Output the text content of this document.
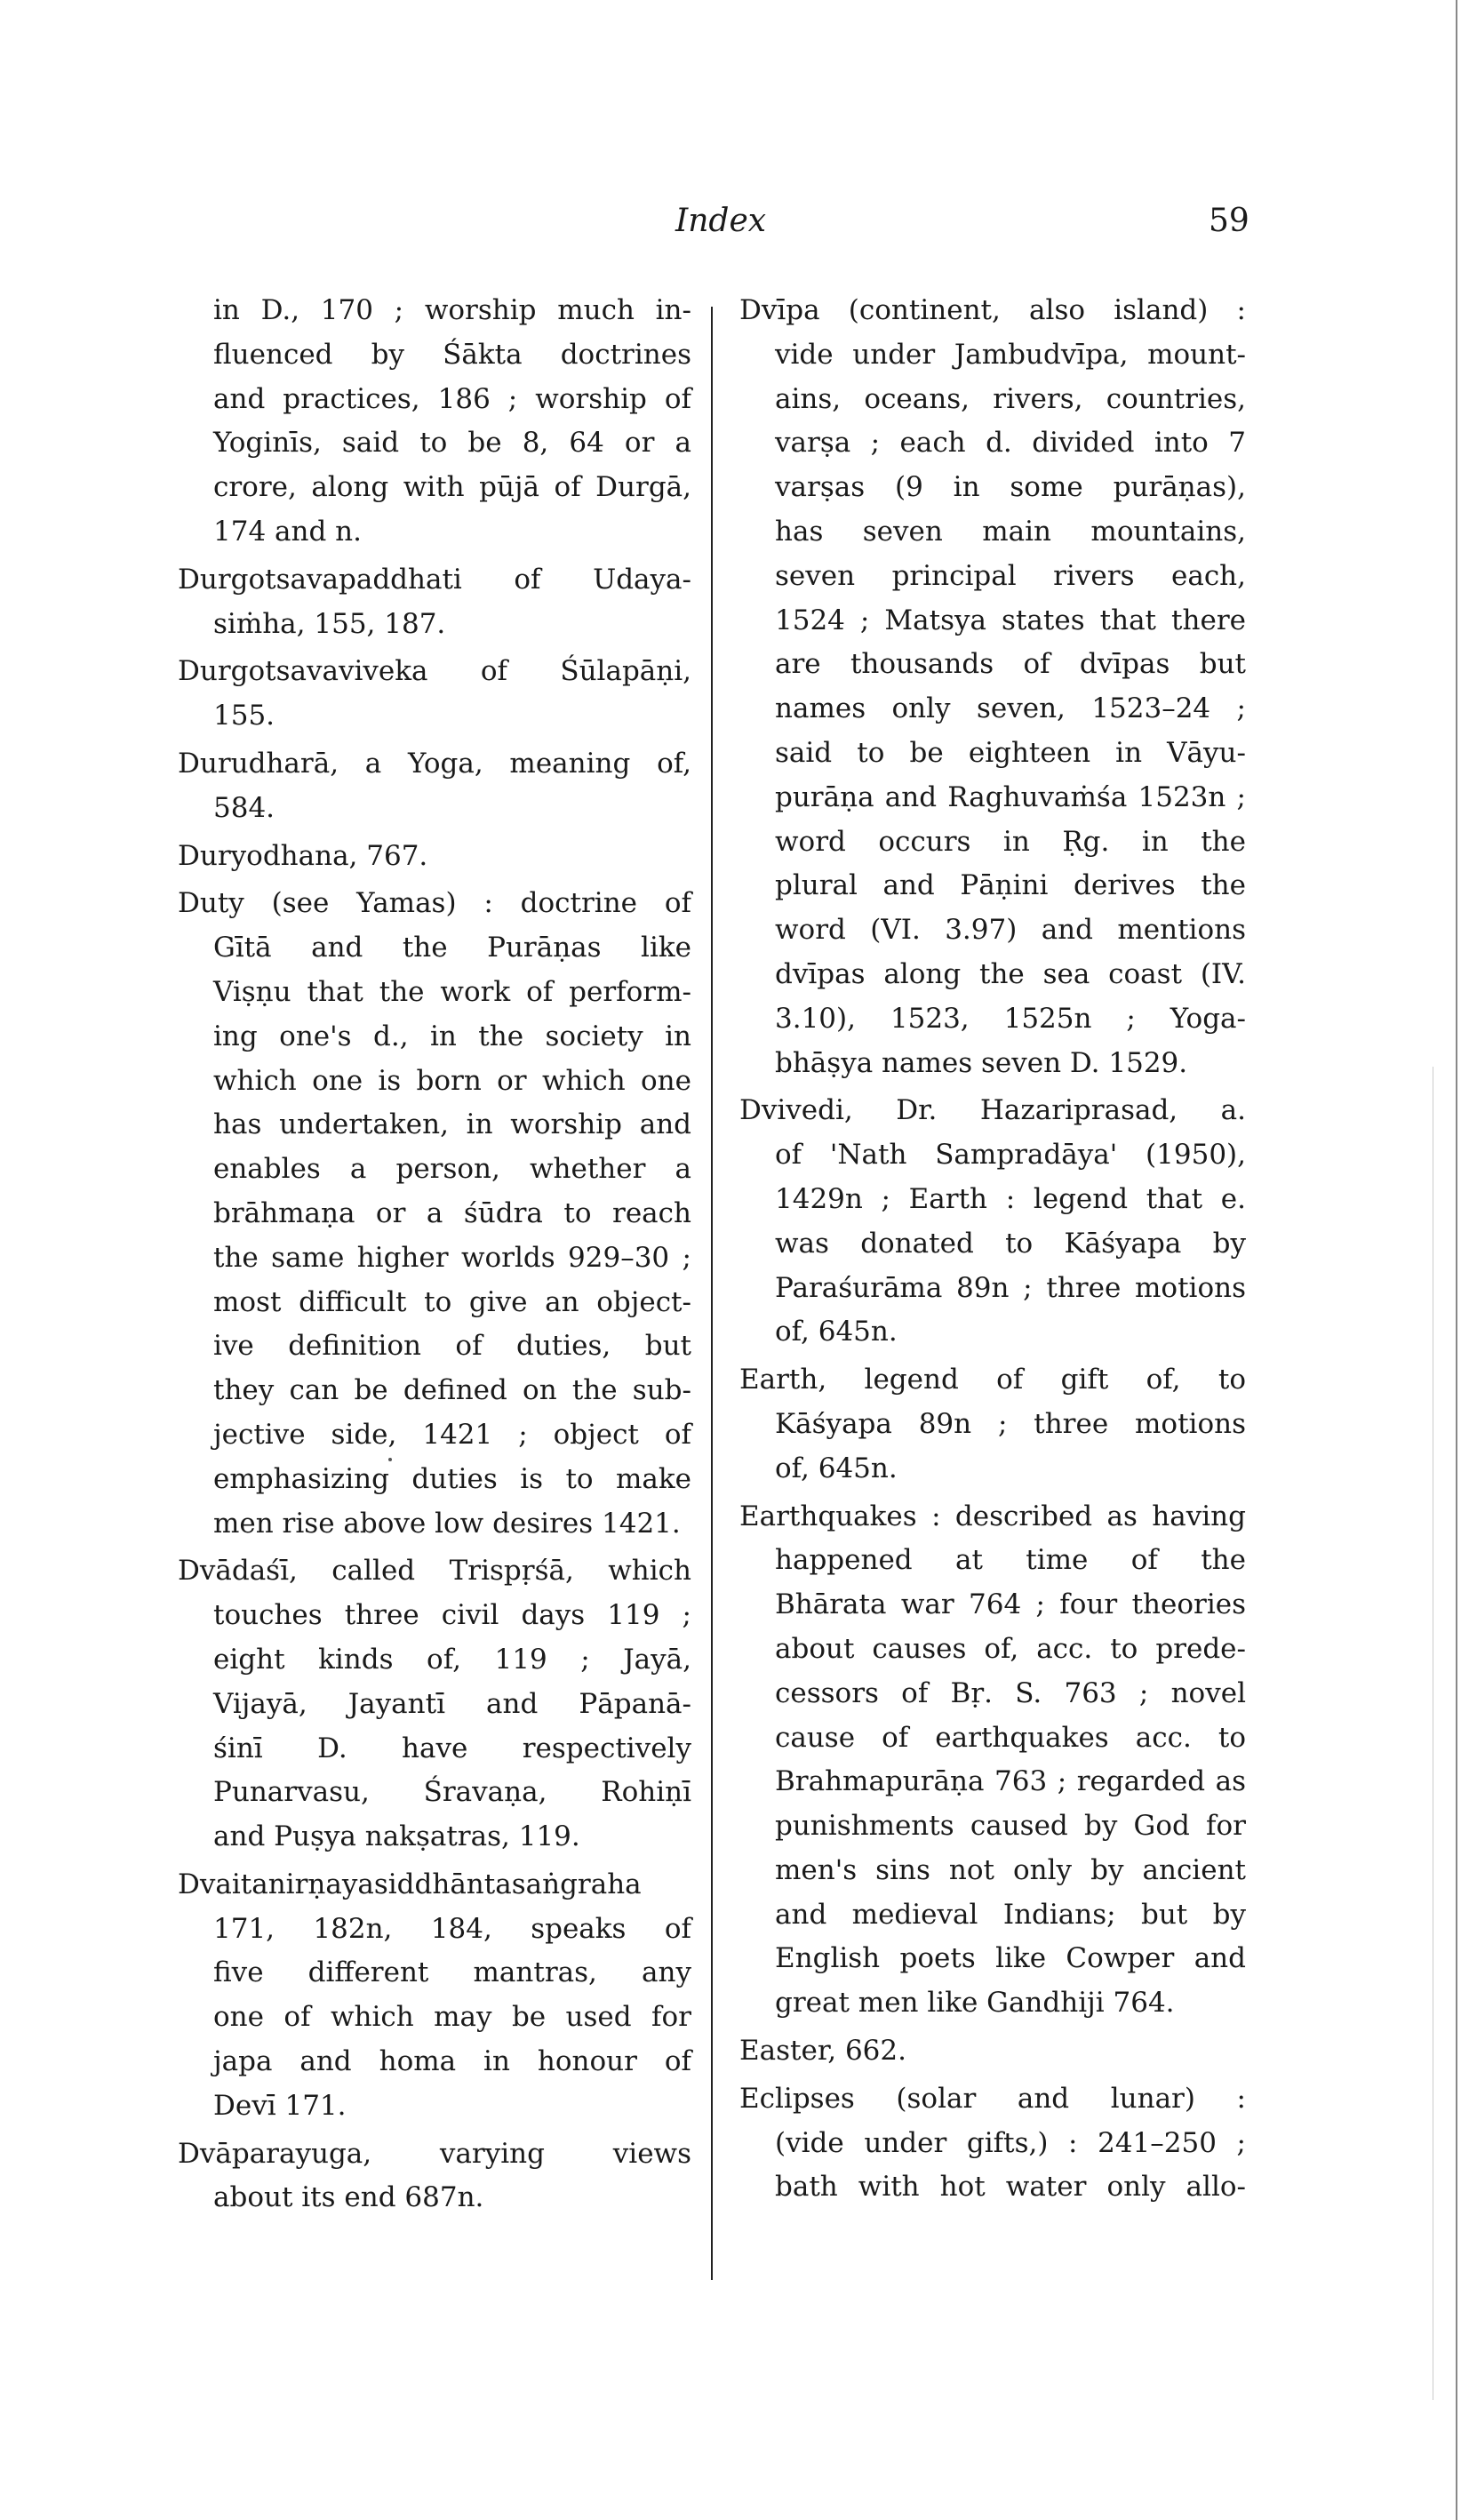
Index	59
in D., 170 ; worship much in-
fluenced by Śākta doctrines
and practices, 186 ; worship of
Yoginīs, said to be 8, 64 or a
crore, along with pūjā of Durgā,
174 and n.
Durgotsavapaddhati of Udaya-
siṁha, 155, 187.
Durgotsavaviveka of Śūlapāṇi,
155.
Durudharā, a Yoga, meaning of,
584.
Duryodhana, 767.
Duty (see Yamas) : doctrine of
Gītā and the Purāṇas like
Viṣṇu that the work of perform-
ing one's d., in the society in
which one is born or which one
has undertaken, in worship and
enables a person, whether a
brāhmaṇa or a śūdra to reach
the same higher worlds 929–30 ;
most difficult to give an object-
ive definition of duties, but
they can be defined on the sub-
jective side, 1421 ; object of
emphasizing duties is to make
men rise above low desires 1421.
Dvādaśī, called Trispṛśā, which
touches three civil days 119 ;
eight kinds of, 119 ; Jayā,
Vijayā, Jayantī and Pāpanā-
śinī D. have respectively
Punarvasu, Śravaṇa, Rohiṇī
and Puṣya nakṣatras, 119.
Dvaitanirṇayasiddhāntasaṅgraha
171, 182n, 184, speaks of
five different mantras, any
one of which may be used for
japa and homa in honour of
Devī 171.
Dvāparayuga, varying views
about its end 687n.
Dvīpa (continent, also island) :
vide under Jambudvīpa, mount-
ains, oceans, rivers, countries,
varṣa ; each d. divided into 7
varṣas (9 in some purāṇas),
has seven main mountains,
seven principal rivers each,
1524 ; Matsya states that there
are thousands of dvīpas but
names only seven, 1523–24 ;
said to be eighteen in Vāyu-
purāṇa and Raghuvaṁśa 1523n ;
word occurs in Ṛg. in the
plural and Pāṇini derives the
word (VI. 3.97) and mentions
dvīpas along the sea coast (IV.
3.10), 1523, 1525n ; Yoga-
bhāṣya names seven D. 1529.
Dvivedi, Dr. Hazariprasad, a.
of 'Nath Sampradāya' (1950),
1429n ; Earth : legend that e.
was donated to Kāśyapa by
Paraśurāma 89n ; three motions
of, 645n.
Earth, legend of gift of, to
Kāśyapa 89n ; three motions
of, 645n.
Earthquakes : described as having
happened at time of the
Bhārata war 764 ; four theories
about causes of, acc. to prede-
cessors of Bṛ. S. 763 ; novel
cause of earthquakes acc. to
Brahmapurāṇa 763 ; regarded as
punishments caused by God for
men's sins not only by ancient
and medieval Indians; but by
English poets like Cowper and
great men like Gandhiji 764.
Easter, 662.
Eclipses (solar and lunar) :
(vide under gifts,) : 241–250 ;
bath with hot water only allo-
